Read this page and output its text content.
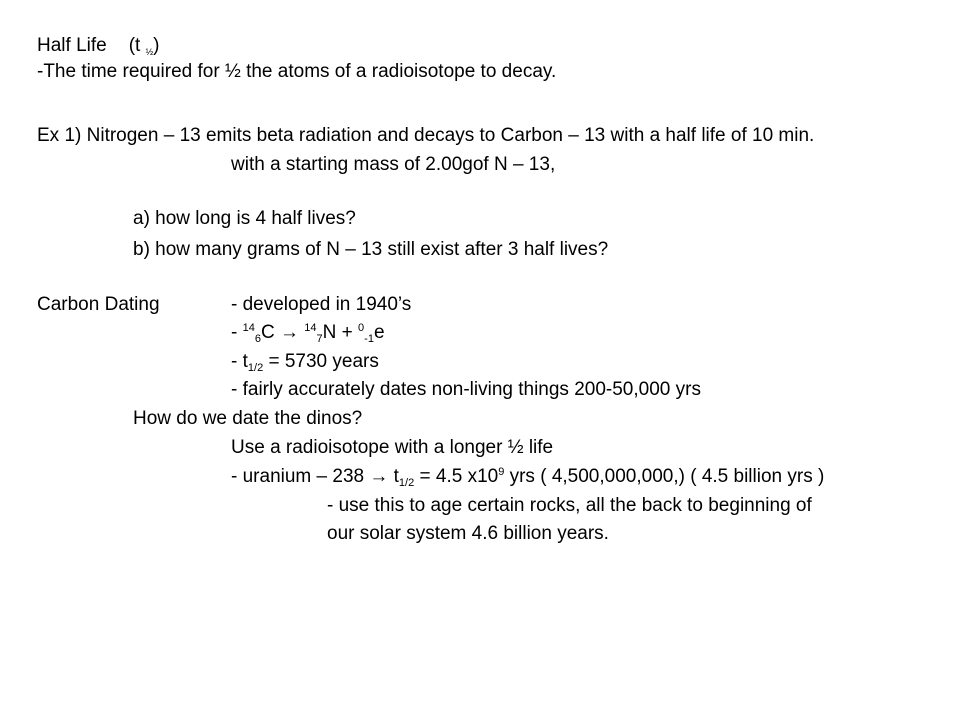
Half Life (t $_{\frac{1}{2}}$)
-The time required for ½ the atoms of a radioisotope to decay.
Ex 1) Nitrogen – 13 emits beta radiation and decays to Carbon – 13 with a half life of 10 min.
with a starting mass of 2.00gof N – 13,
a) how long is 4 half lives?
b) how many grams of N – 13 still exist after 3 half lives?
Carbon Dating	- developed in 1940’s
- $^{14}_6$C → $^{14}_7$N + $^0_{-1}$e
- $t_{1/2} = 5730$ years
- fairly accurately dates non-living things 200-50,000 yrs
How do we date the dinos?
Use a radioisotope with a longer ½ life
- uranium – $238 \to t_{1/2} = 4.5$ $x10^9$ yrs ( 4,500,000,000,) ( 4.5 billion yrs )
- use this to age certain rocks, all the back to beginning of
our solar system 4.6 billion years.
